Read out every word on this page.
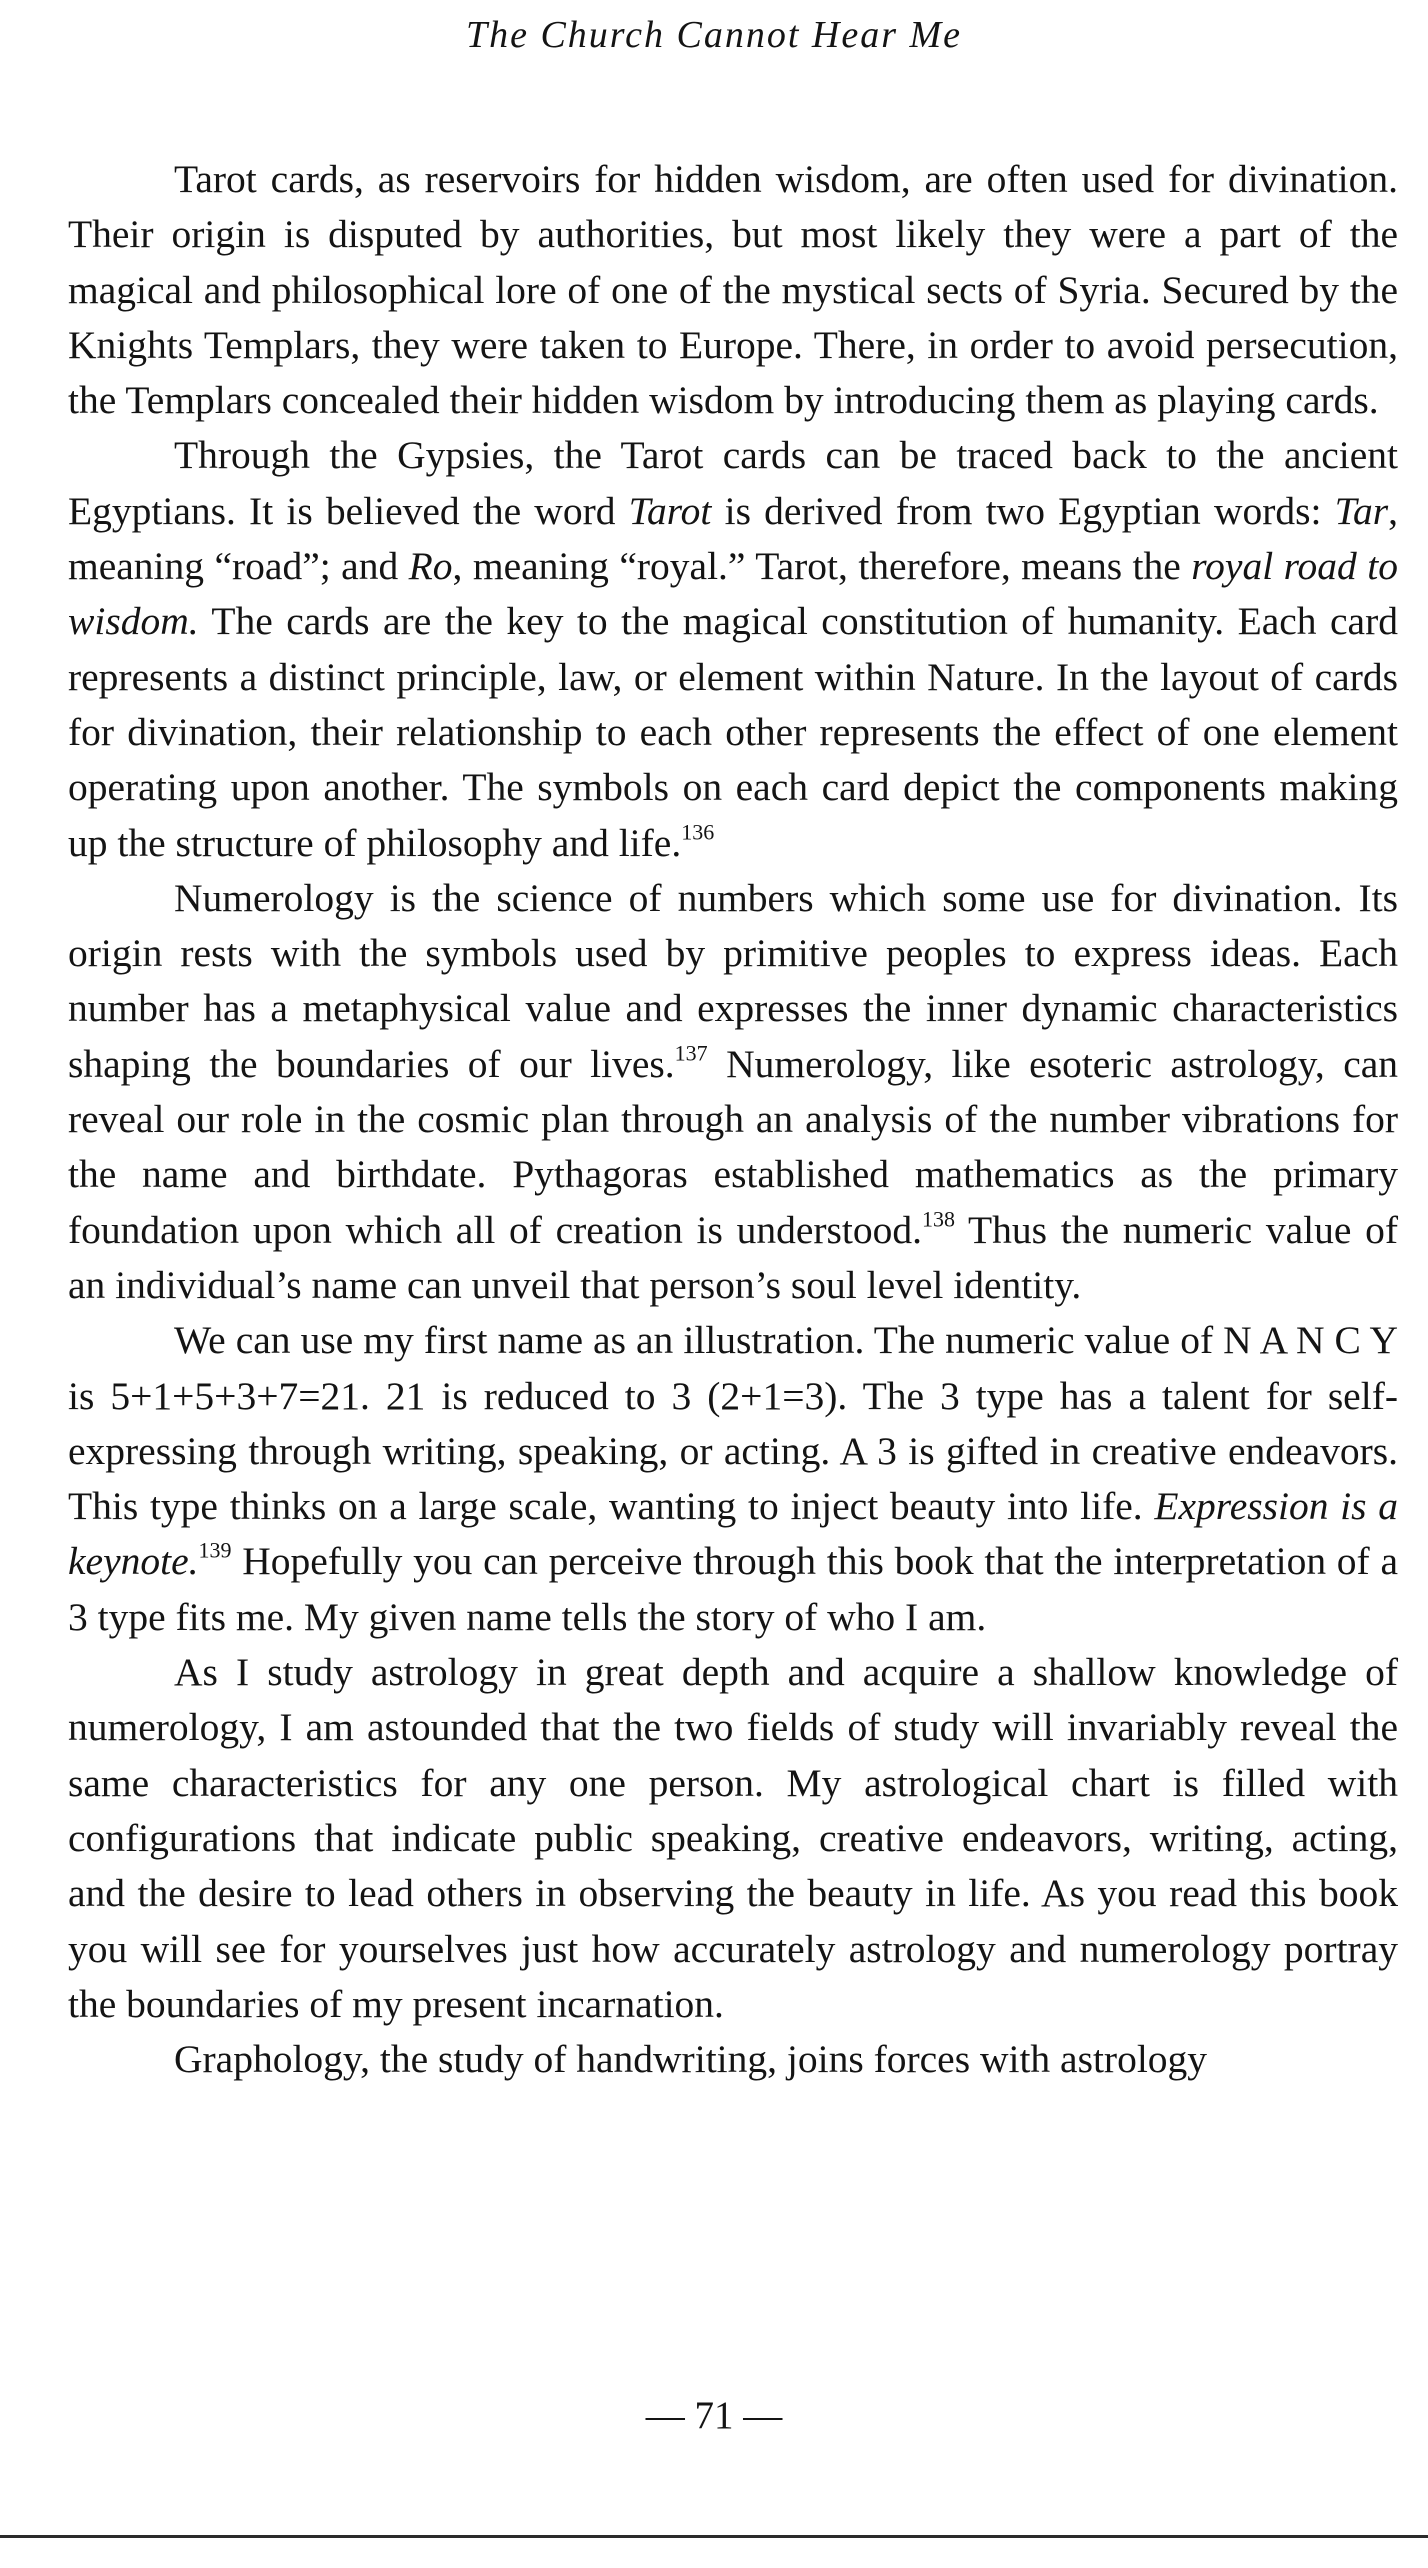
The Church Cannot Hear Me

Tarot cards, as reservoirs for hidden wisdom, are often used for divination. Their origin is disputed by authorities, but most likely they were a part of the magical and philosophical lore of one of the mystical sects of Syria. Secured by the Knights Templars, they were taken to Europe. There, in order to avoid persecution, the Templars concealed their hidden wisdom by introducing them as playing cards.

Through the Gypsies, the Tarot cards can be traced back to the ancient Egyptians. It is believed the word Tarot is derived from two Egyptian words: Tar, meaning “road”; and Ro, meaning “royal.” Tarot, therefore, means the royal road to wisdom. The cards are the key to the magical constitution of humanity. Each card represents a distinct principle, law, or element within Nature. In the layout of cards for divination, their relationship to each other represents the effect of one element operating upon another. The symbols on each card depict the components making up the structure of philosophy and life.$^{136}$

Numerology is the science of numbers which some use for divination. Its origin rests with the symbols used by primitive peoples to express ideas. Each number has a metaphysical value and expresses the inner dynamic characteristics shaping the boundaries of our lives.$^{137}$ Numerology, like esoteric astrology, can reveal our role in the cosmic plan through an analysis of the number vibrations for the name and birthdate. Pythagoras established mathematics as the primary foundation upon which all of creation is understood.$^{138}$ Thus the numeric value of an individual’s name can unveil that person’s soul level identity.

We can use my first name as an illustration. The numeric value of N A N C Y is 5+1+5+3+7=21. 21 is reduced to 3 (2+1=3). The 3 type has a talent for self-expressing through writing, speaking, or acting. A 3 is gifted in creative endeavors. This type thinks on a large scale, wanting to inject beauty into life. Expression is a keynote.$^{139}$ Hopefully you can perceive through this book that the interpretation of a 3 type fits me. My given name tells the story of who I am.

As I study astrology in great depth and acquire a shallow knowledge of numerology, I am astounded that the two fields of study will invariably reveal the same characteristics for any one person. My astrological chart is filled with configurations that indicate public speaking, creative endeavors, writing, acting, and the desire to lead others in observing the beauty in life. As you read this book you will see for yourselves just how accurately astrology and numerology portray the boundaries of my present incarnation.

Graphology, the study of handwriting, joins forces with astrology

— 71 —
